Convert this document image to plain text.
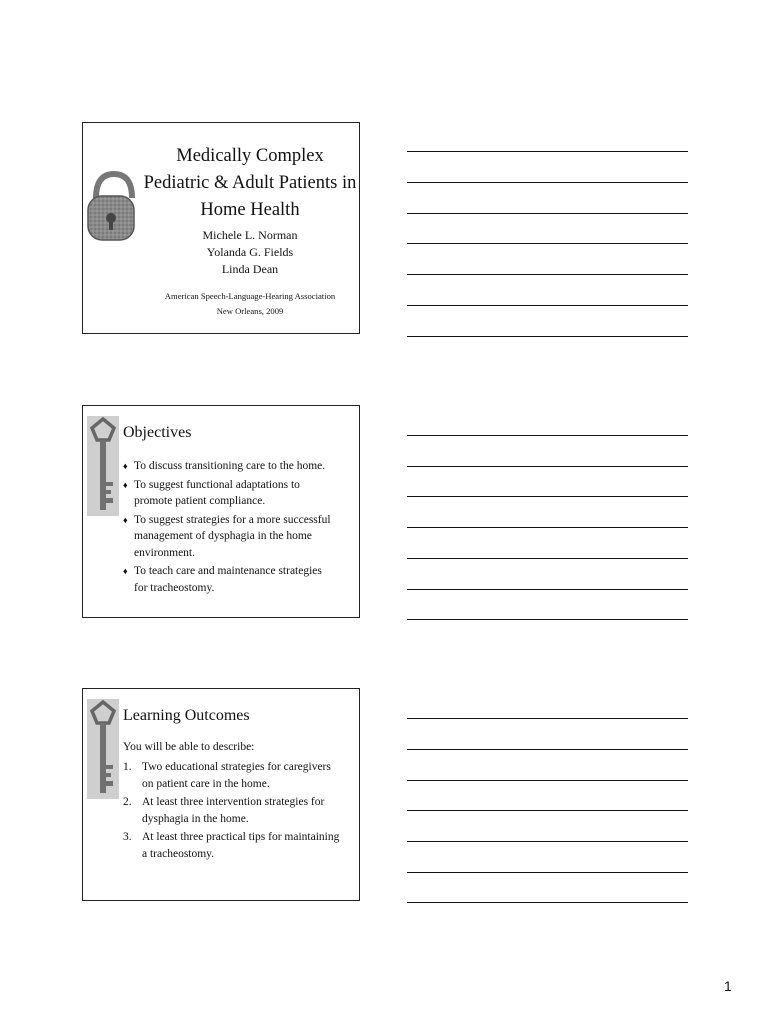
Medically Complex
Pediatric & Adult Patients in
Home Health
Michele L. Norman
Yolanda G. Fields
Linda Dean
American Speech-Language-Hearing Association
New Orleans, 2009
Objectives
♦ To discuss transitioning care to the home.
♦ To suggest functional adaptations to
promote patient compliance.
♦ To suggest strategies for a more successful
management of dysphagia in the home
environment.
♦ To teach care and maintenance strategies
for tracheostomy.
Learning Outcomes
You will be able to describe:
1. Two educational strategies for caregivers
on patient care in the home.
2. At least three intervention strategies for
dysphagia in the home.
3. At least three practical tips for maintaining
a tracheostomy.
1
